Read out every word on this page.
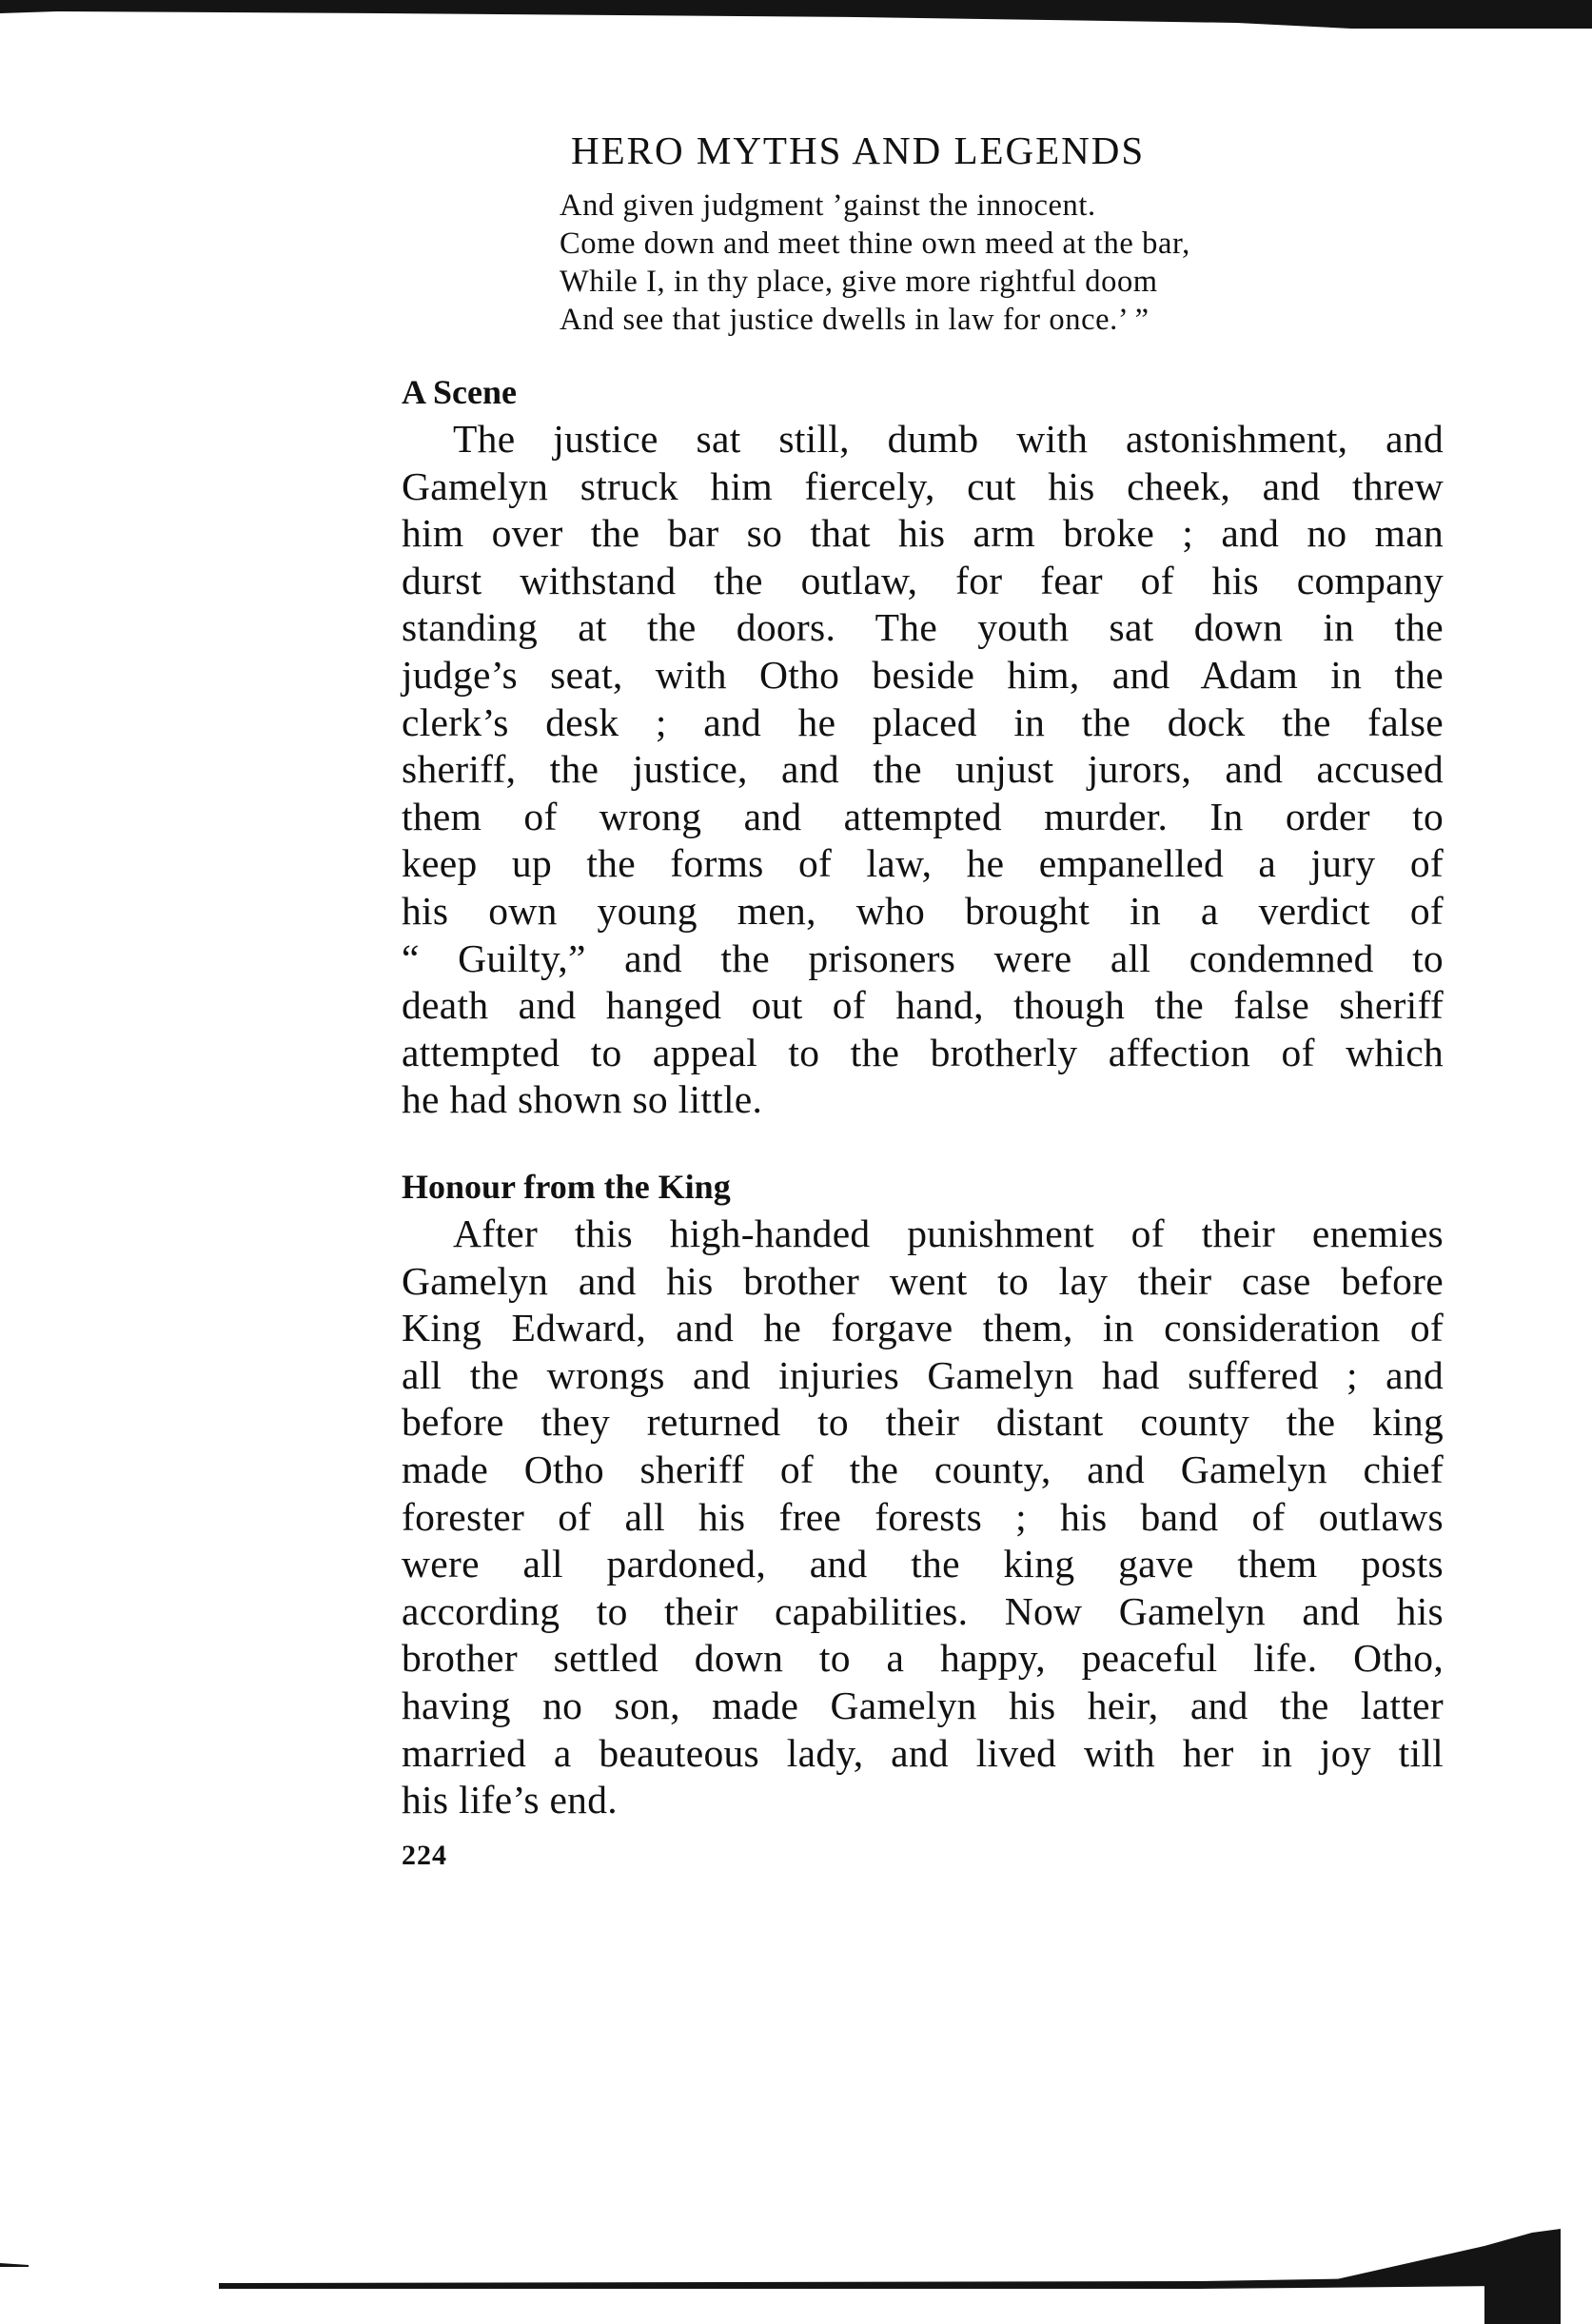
HERO MYTHS AND LEGENDS
And given judgment ’gainst the innocent.
Come down and meet thine own meed at the bar,
While I, in thy place, give more rightful doom
And see that justice dwells in law for once.’ ”
A Scene
The justice sat still, dumb with astonishment, and
Gamelyn struck him fiercely, cut his cheek, and threw
him over the bar so that his arm broke ; and no man
durst withstand the outlaw, for fear of his company
standing at the doors. The youth sat down in the
judge’s seat, with Otho beside him, and Adam in the
clerk’s desk ; and he placed in the dock the false
sheriff, the justice, and the unjust jurors, and accused
them of wrong and attempted murder. In order to
keep up the forms of law, he empanelled a jury of
his own young men, who brought in a verdict of
“ Guilty,” and the prisoners were all condemned to
death and hanged out of hand, though the false sheriff
attempted to appeal to the brotherly affection of which
he had shown so little.
Honour from the King
After this high-handed punishment of their enemies
Gamelyn and his brother went to lay their case before
King Edward, and he forgave them, in consideration of
all the wrongs and injuries Gamelyn had suffered ; and
before they returned to their distant county the king
made Otho sheriff of the county, and Gamelyn chief
forester of all his free forests ; his band of outlaws
were all pardoned, and the king gave them posts
according to their capabilities. Now Gamelyn and his
brother settled down to a happy, peaceful life. Otho,
having no son, made Gamelyn his heir, and the latter
married a beauteous lady, and lived with her in joy till
his life’s end.
224
